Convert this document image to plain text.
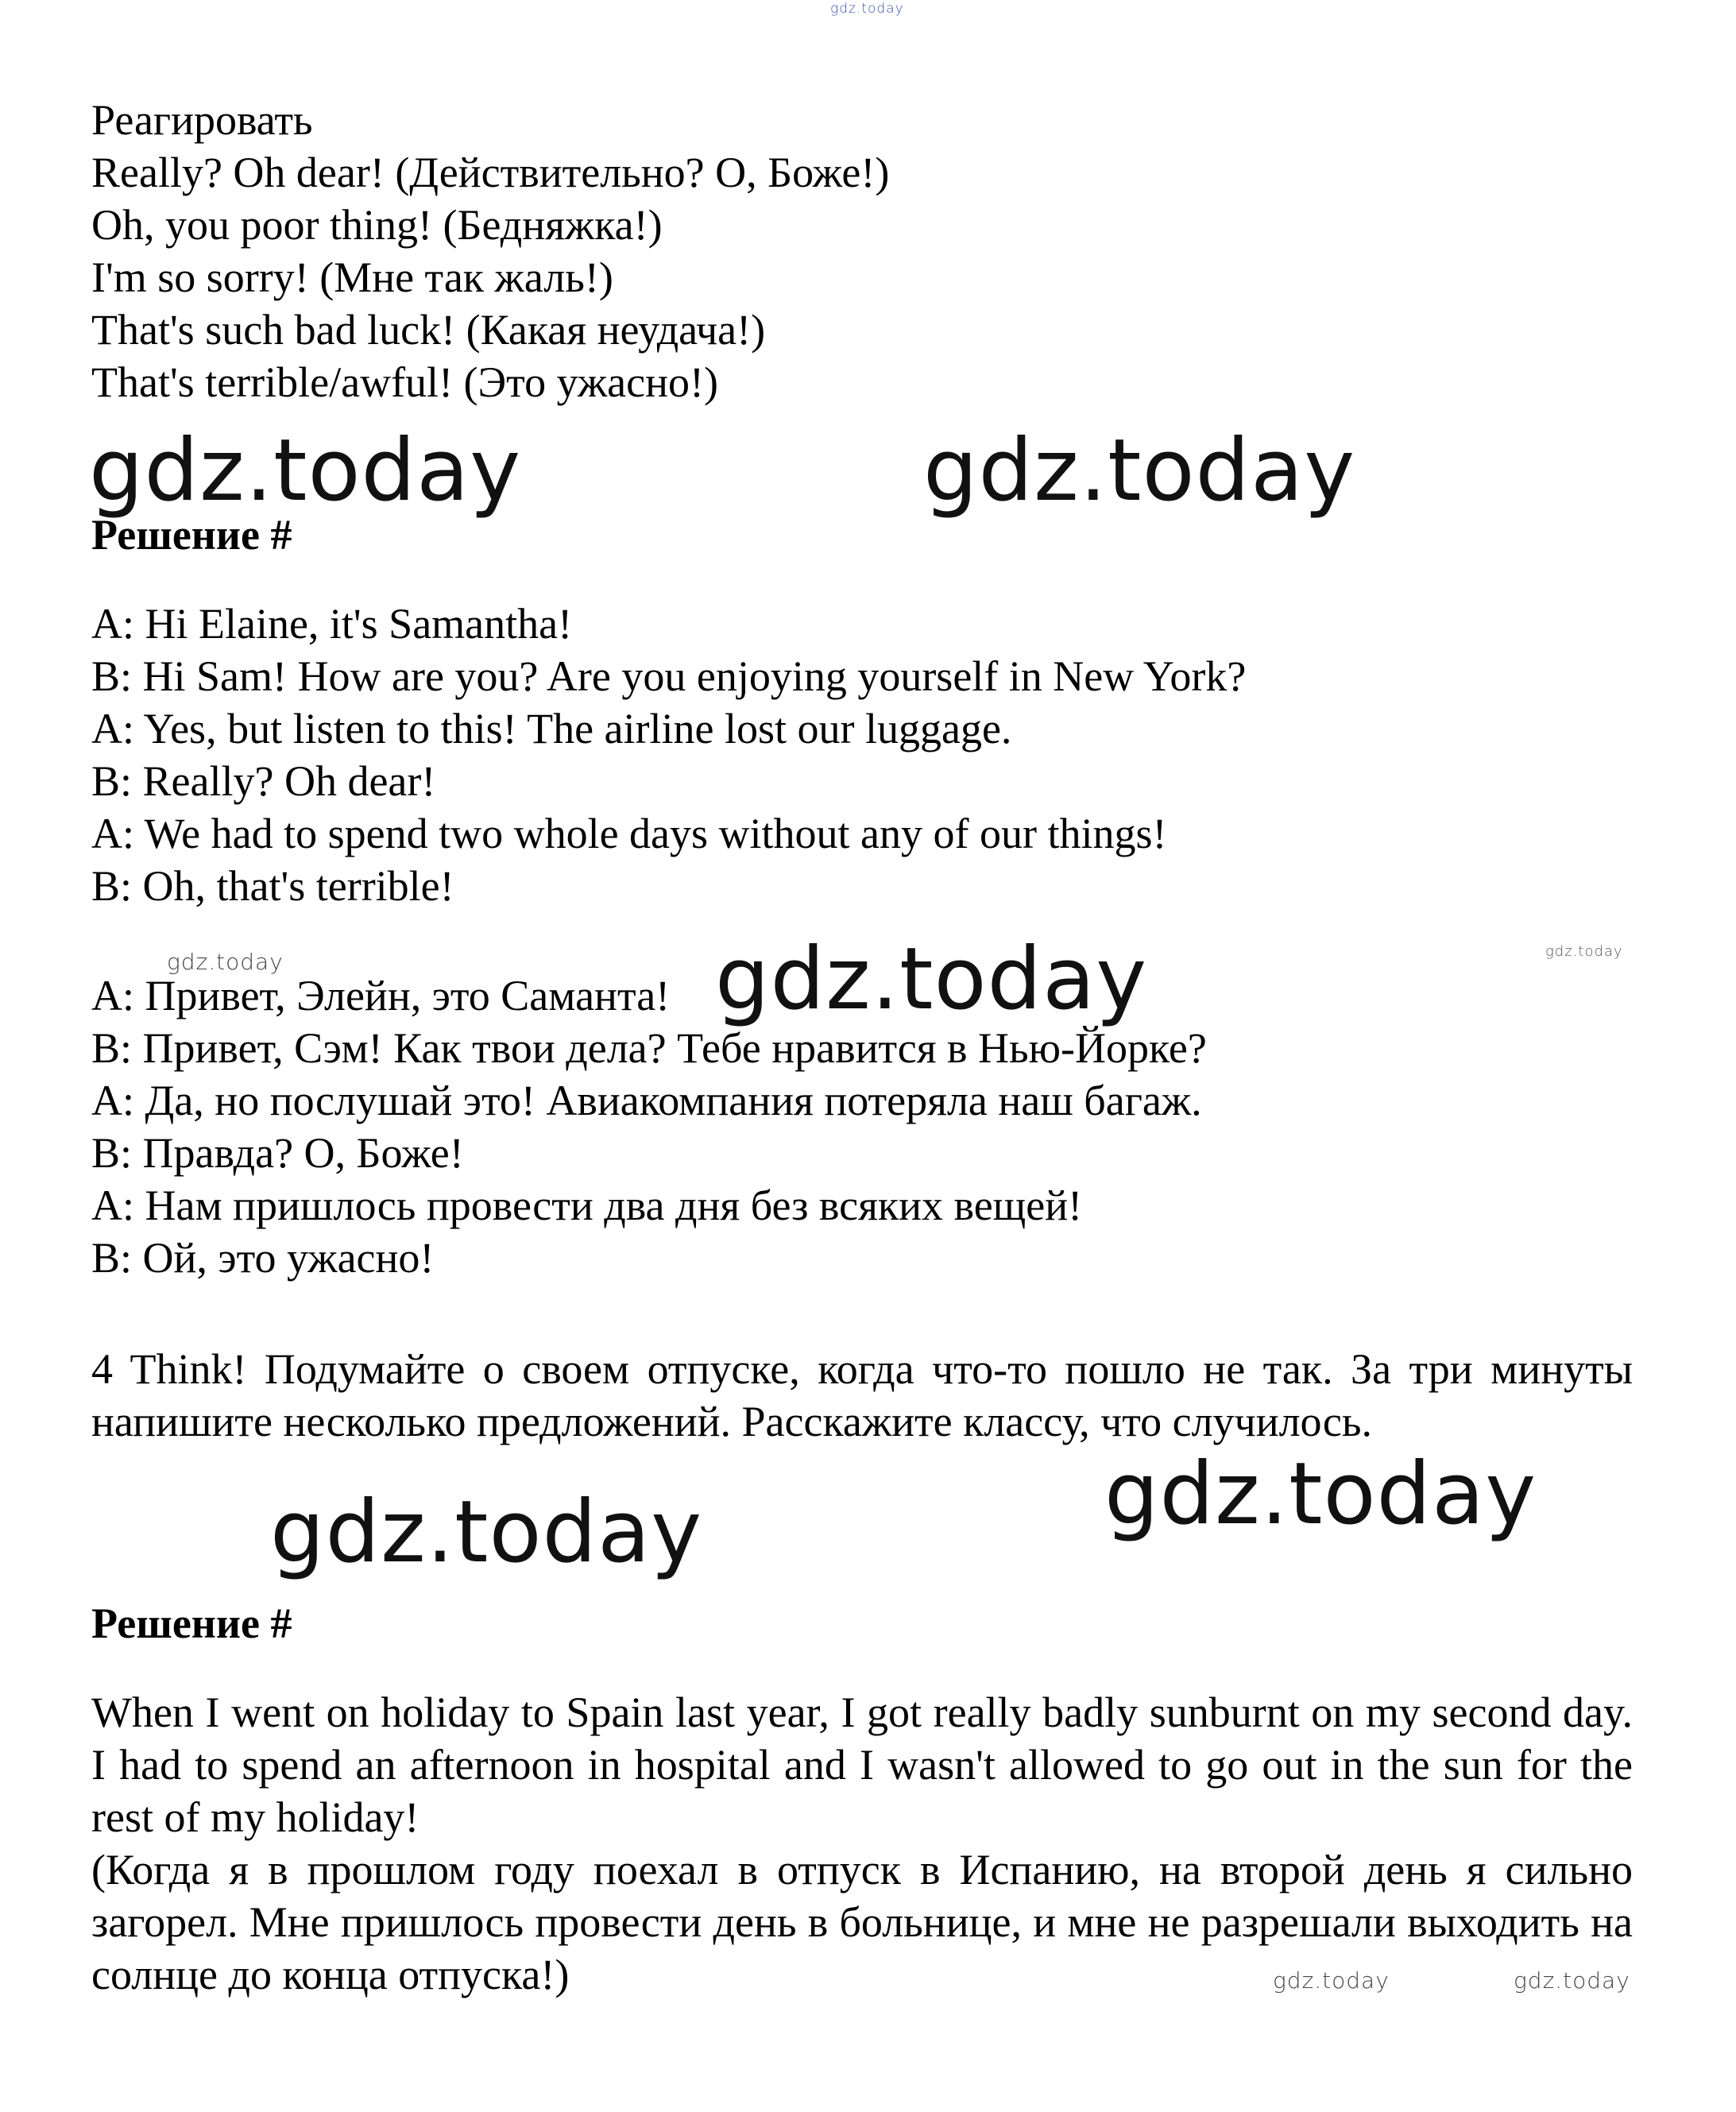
gdz.today

Реагировать

Really? Oh dear! (Действительно? О, Боже!)

Oh, you poor thing! (Бедняжка!)

I'm so sorry! (Мне так жаль!)

That's such bad luck! (Какая неудача!)

That's terrible/awful! (Это ужасно!)

gdz.today	gdz.today

Решение #

A: Hi Elaine, it's Samantha!

B: Hi Sam! How are you? Are you enjoying yourself in New York?

A: Yes, but listen to this! The airline lost our luggage.

B: Really? Oh dear!

A: We had to spend two whole days without any of our things!

B: Oh, that's terrible!

gdz.today	gdz.today

A: Привет, Элейн, это Саманта! gdz.today

B: Привет, Сэм! Как твои дела? Тебе нравится в Нью-Йорке?

A: Да, но послушай это! Авиакомпания потеряла наш багаж.

B: Правда? О, Боже!

A: Нам пришлось провести два дня без всяких вещей!

B: Ой, это ужасно!

4 Think! Подумайте о своем отпуске, когда что-то пошло не так. За три минуты напишите несколько предложений. Расскажите классу, что случилось.

gdz.today
gdz.today

Решение #

When I went on holiday to Spain last year, I got really badly sunburnt on my second day. I had to spend an afternoon in hospital and I wasn't allowed to go out in the sun for the rest of my holiday!

(Когда я в прошлом году поехал в отпуск в Испанию, на второй день я сильно загорел. Мне пришлось провести день в больнице, и мне не разрешали выходить на солнце до конца отпуска!)	gdz.today	gdz.today
